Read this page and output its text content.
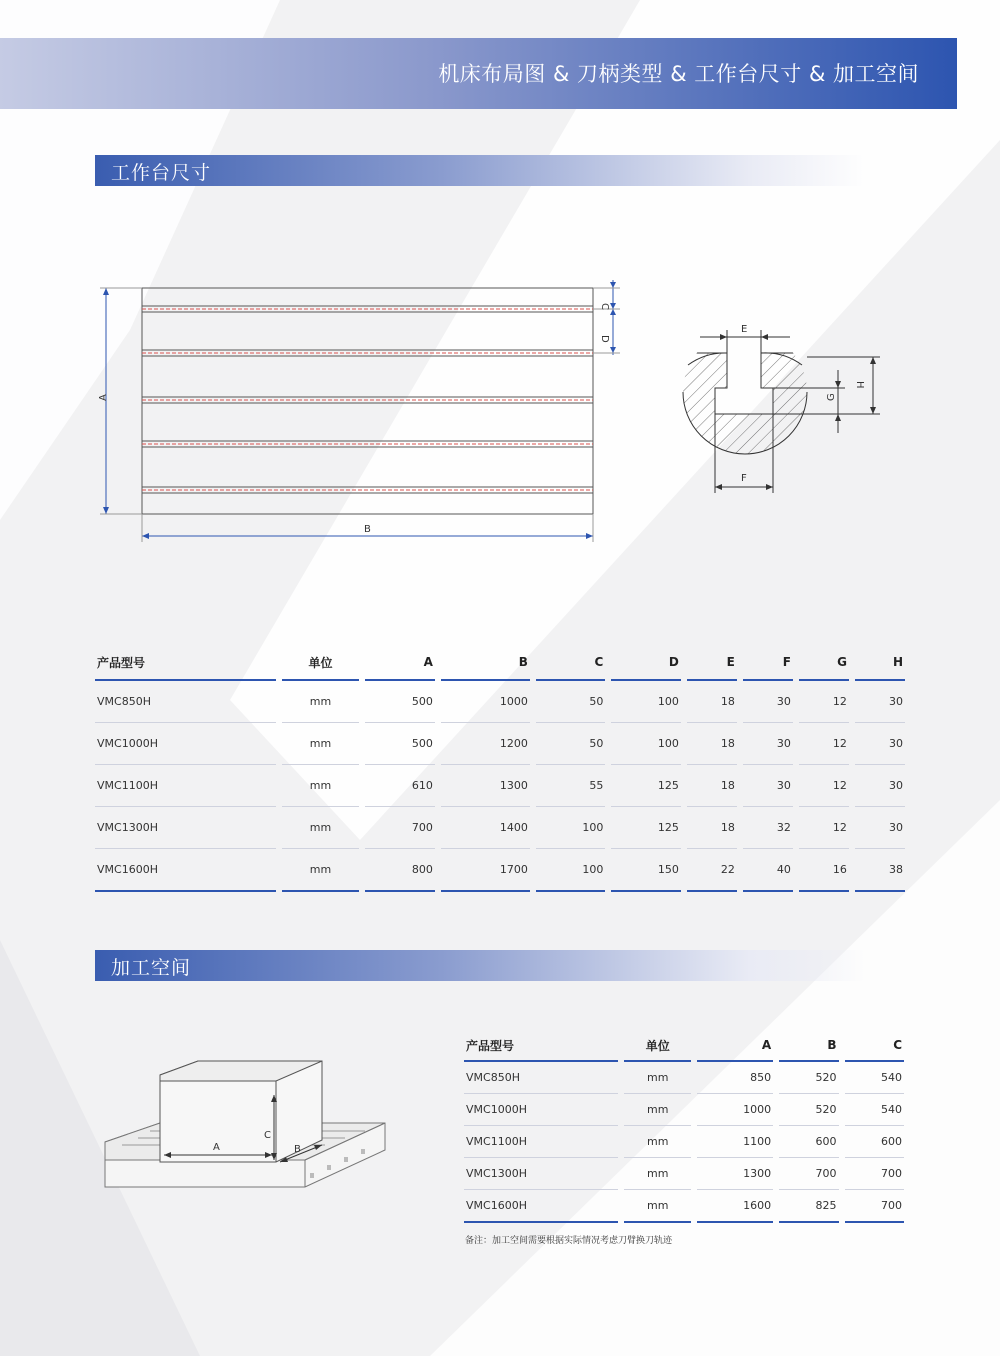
机床布局图 & 刀柄类型 & 工作台尺寸 & 加工空间
工作台尺寸
A
B
C
D
E
F
G
H
产品型号	单位	A	B	C	D	E	F	G	H
VMC850H	mm	500	1000	50	100	18	30	12	30
VMC1000H	mm	500	1200	50	100	18	30	12	30
VMC1100H	mm	610	1300	55	125	18	30	12	30
VMC1300H	mm	700	1400	100	125	18	32	12	30
VMC1600H	mm	800	1700	100	150	22	40	16	38
加工空间
A
C
B
产品型号	单位	A	B	C
VMC850H	mm	850	520	540
VMC1000H	mm	1000	520	540
VMC1100H	mm	1100	600	600
VMC1300H	mm	1300	700	700
VMC1600H	mm	1600	825	700
备注：加工空间需要根据实际情况考虑刀臂换刀轨迹
